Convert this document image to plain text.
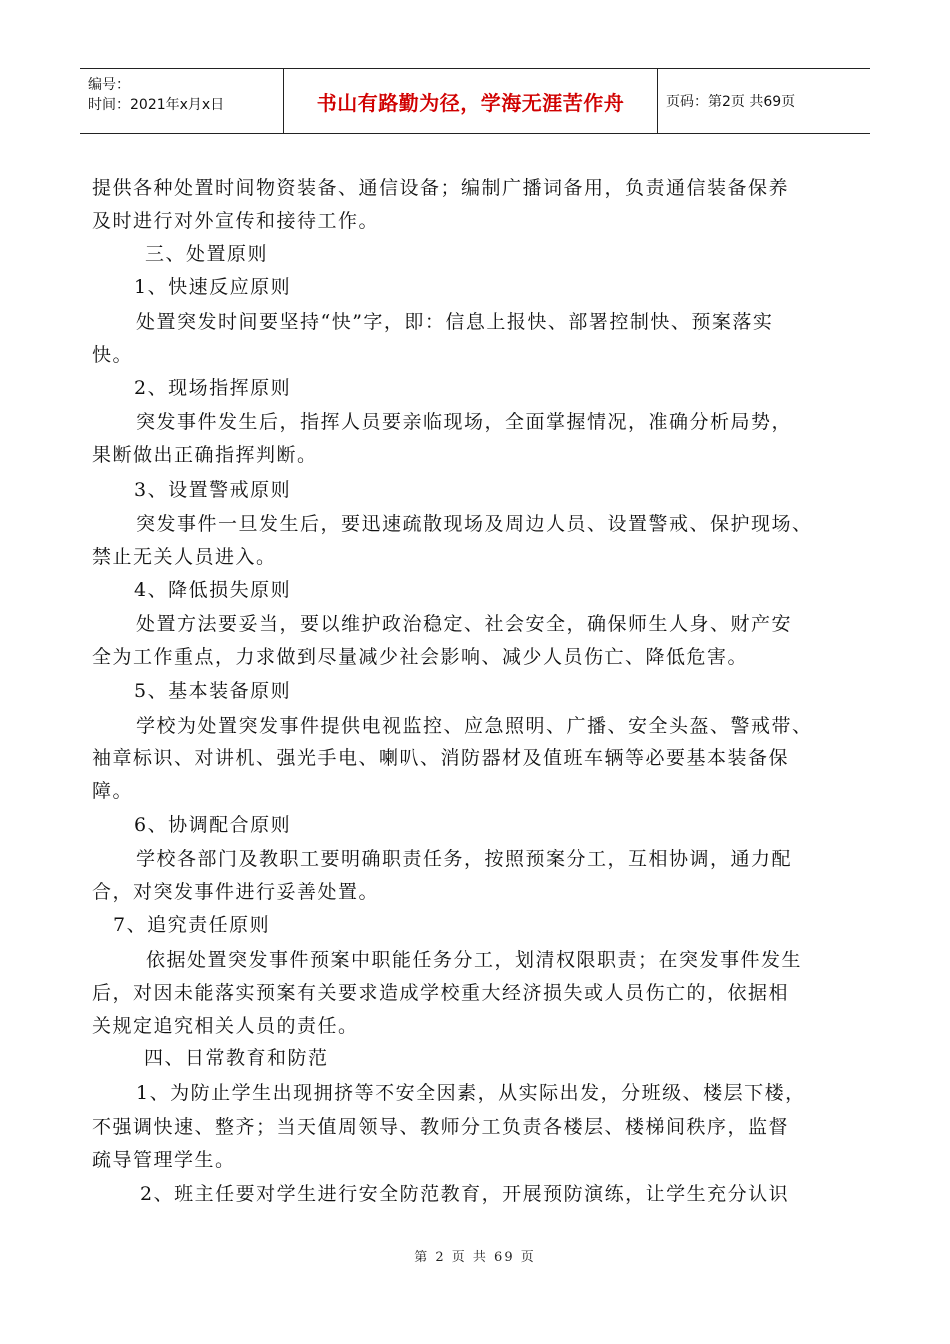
编号：
时间：2021年x月x日	书山有路勤为径，学海无涯苦作舟	页码：第2页 共69页
提供各种处置时间物资装备、通信设备；编制广播词备用，负责通信装备保养
及时进行对外宣传和接待工作。
三、处置原则
1、快速反应原则
处置突发时间要坚持“快”字，即：信息上报快、部署控制快、预案落实
快。
2、现场指挥原则
突发事件发生后，指挥人员要亲临现场，全面掌握情况，准确分析局势，
果断做出正确指挥判断。
3、设置警戒原则
突发事件一旦发生后，要迅速疏散现场及周边人员、设置警戒、保护现场、
禁止无关人员进入。
4、降低损失原则
处置方法要妥当，要以维护政治稳定、社会安全，确保师生人身、财产安
全为工作重点，力求做到尽量减少社会影响、减少人员伤亡、降低危害。
5、基本装备原则
学校为处置突发事件提供电视监控、应急照明、广播、安全头盔、警戒带、
袖章标识、对讲机、强光手电、喇叭、消防器材及值班车辆等必要基本装备保
障。
6、协调配合原则
学校各部门及教职工要明确职责任务，按照预案分工，互相协调，通力配
合，对突发事件进行妥善处置。
7、追究责任原则
依据处置突发事件预案中职能任务分工，划清权限职责；在突发事件发生
后，对因未能落实预案有关要求造成学校重大经济损失或人员伤亡的，依据相
关规定追究相关人员的责任。
四、日常教育和防范
1、为防止学生出现拥挤等不安全因素，从实际出发，分班级、楼层下楼，
不强调快速、整齐；当天值周领导、教师分工负责各楼层、楼梯间秩序，监督
疏导管理学生。
2、班主任要对学生进行安全防范教育，开展预防演练，让学生充分认识
第 2 页 共 69 页
